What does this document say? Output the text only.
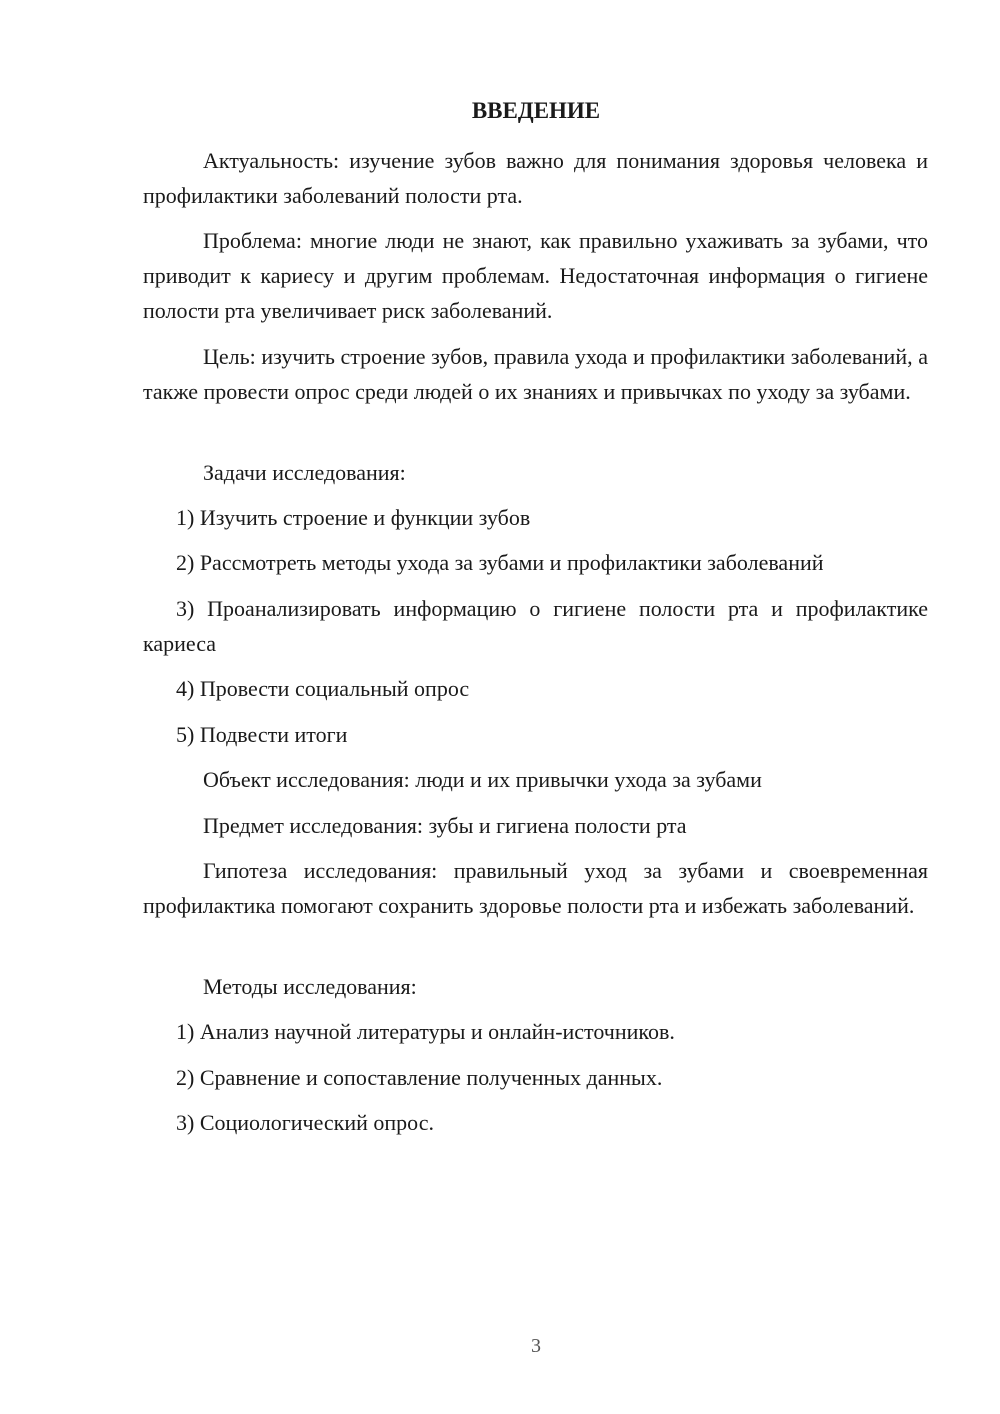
ВВЕДЕНИЕ
Актуальность: изучение зубов важно для понимания здоровья человека и профилактики заболеваний полости рта.
Проблема: многие люди не знают, как правильно ухаживать за зубами, что приводит к кариесу и другим проблемам. Недостаточная информация о гигиене полости рта увеличивает риск заболеваний.
Цель: изучить строение зубов, правила ухода и профилактики заболеваний, а также провести опрос среди людей о их знаниях и привычках по уходу за зубами.
Задачи исследования:
1) Изучить строение и функции зубов
2) Рассмотреть методы ухода за зубами и профилактики заболеваний
3) Проанализировать информацию о гигиене полости рта и профилактике кариеса
4) Провести социальный опрос
5) Подвести итоги
Объект исследования: люди и их привычки ухода за зубами
Предмет исследования: зубы и гигиена полости рта
Гипотеза исследования: правильный уход за зубами и своевременная профилактика помогают сохранить здоровье полости рта и избежать заболеваний.
Методы исследования:
1) Анализ научной литературы и онлайн-источников.
2) Сравнение и сопоставление полученных данных.
3) Социологический опрос.
3
